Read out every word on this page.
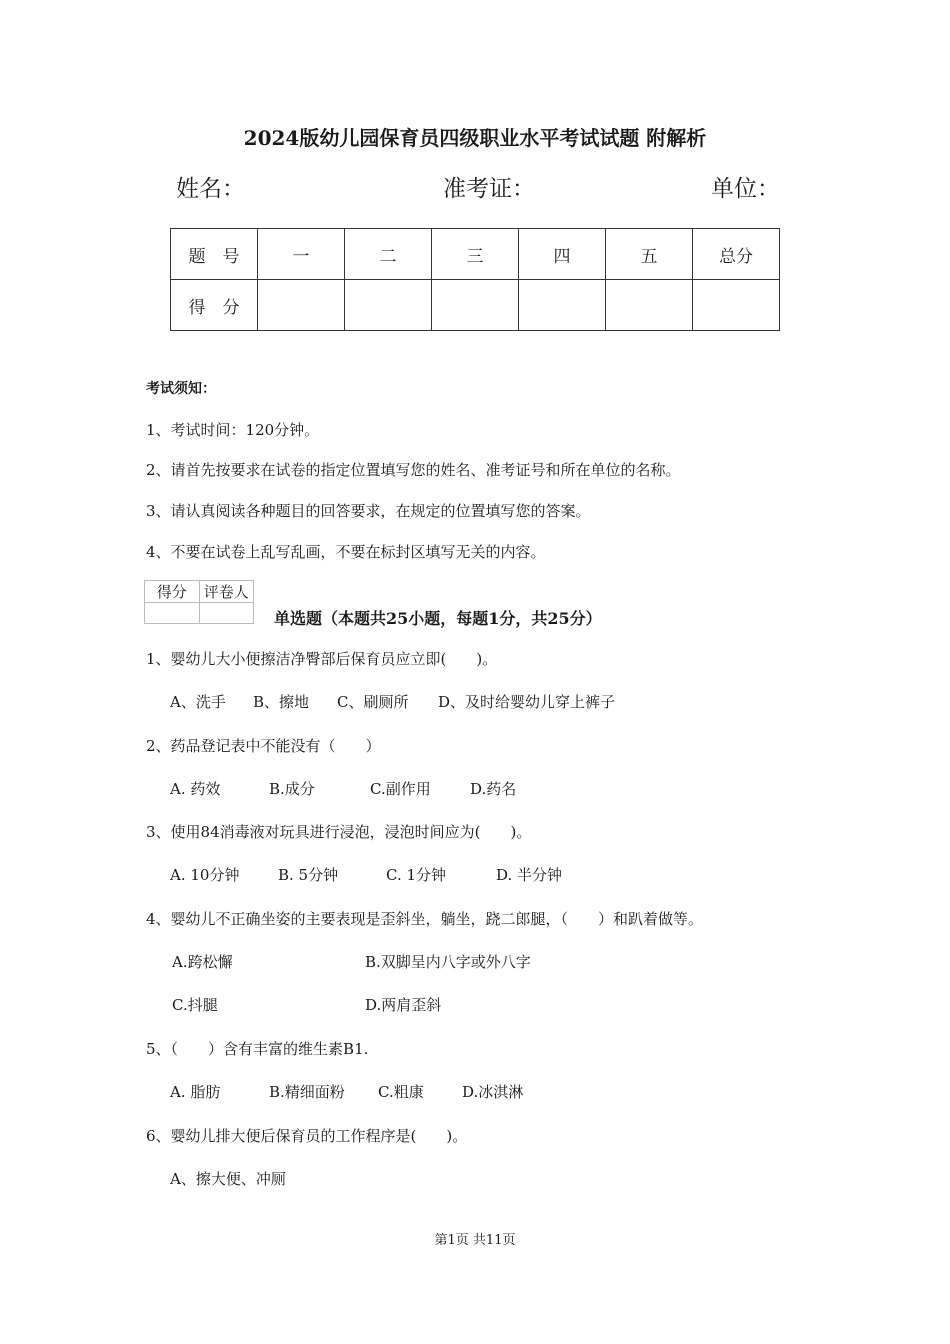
2024版幼儿园保育员四级职业水平考试试题 附解析
姓名：	准考证：	单位：
题　号	一	二	三	四	五	总分
得　分						
考试须知：
1、考试时间：120分钟。
2、请首先按要求在试卷的指定位置填写您的姓名、准考证号和所在单位的名称。
3、请认真阅读各种题目的回答要求，在规定的位置填写您的答案。
4、不要在试卷上乱写乱画，不要在标封区填写无关的内容。
得分	评卷人

单选题（本题共25小题，每题1分，共25分）
1、婴幼儿大小便擦洁净臀部后保育员应立即(　　)。
A、洗手 B、擦地 C、刷厕所 D、及时给婴幼儿穿上裤子
2、药品登记表中不能没有（　　）
A. 药效	B.成分	C.副作用	D.药名
3、使用84消毒液对玩具进行浸泡，浸泡时间应为(　　)。
A. 10分钟	B. 5分钟	C. 1分钟	D. 半分钟
4、婴幼儿不正确坐姿的主要表现是歪斜坐，躺坐，跷二郎腿，（　　）和趴着做等。
A.跨松懈	B.双脚呈内八字或外八字
C.抖腿	D.两肩歪斜
5、（　　）含有丰富的维生素B1.
A. 脂肪	B.精细面粉 C.粗康	D.冰淇淋
6、婴幼儿排大便后保育员的工作程序是(　　)。
A、擦大便、冲厕
第1页 共11页
